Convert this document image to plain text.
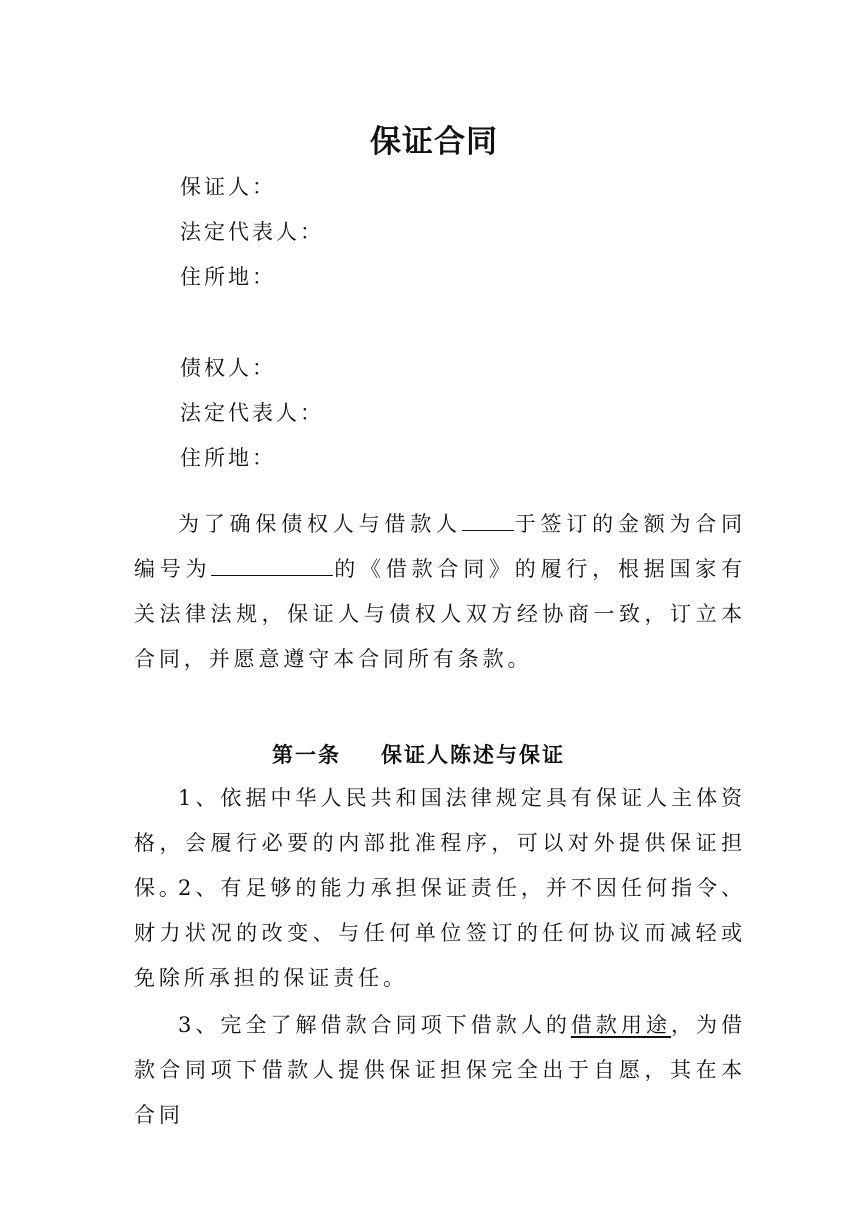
保证合同
保证人：
法定代表人：
住所地：
债权人：
法定代表人：
住所地：
为了确保债权人与借款人 于签订的金额为合同编号为	的《借款合同》的履行，根据国家有关法律法规，保证人与债权人双方经协商一致，订立本合同，并愿意遵守本合同所有条款。
第一条 保证人陈述与保证
1、依据中华人民共和国法律规定具有保证人主体资格，会履行必要的内部批准程序，可以对外提供保证担保。
2、有足够的能力承担保证责任，并不因任何指令、财力状况的改变、与任何单位签订的任何协议而减轻或免除所承担的保证责任。
3、完全了解借款合同项下借款人的借款用途，为借款合同项下借款人提供保证担保完全出于自愿，其在本合同
